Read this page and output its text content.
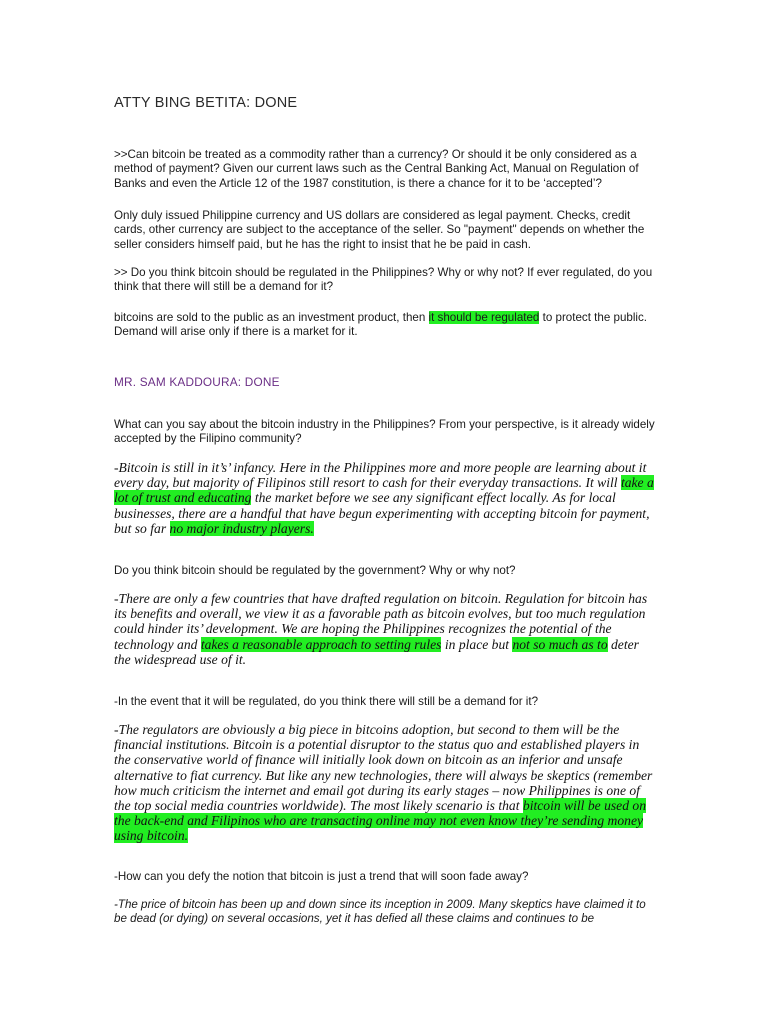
ATTY BING BETITA: DONE
>>Can bitcoin be treated as a commodity rather than a currency? Or should it be only considered as a method of payment? Given our current laws such as the Central Banking Act, Manual on Regulation of Banks and even the Article 12 of the 1987 constitution, is there a chance for it to be ‘accepted’?
Only duly issued Philippine currency and US dollars are considered as legal payment. Checks, credit cards, other currency are subject to the acceptance of the seller. So "payment" depends on whether the seller considers himself paid, but he has the right to insist that he be paid in cash.
>> Do you think bitcoin should be regulated in the Philippines? Why or why not? If ever regulated, do you think that there will still be a demand for it?
bitcoins are sold to the public as an investment product, then it should be regulated to protect the public. Demand will arise only if there is a market for it.
MR. SAM KADDOURA: DONE
What can you say about the bitcoin industry in the Philippines? From your perspective, is it already widely accepted by the Filipino community?
-Bitcoin is still in it’s’ infancy. Here in the Philippines more and more people are learning about it every day, but majority of Filipinos still resort to cash for their everyday transactions. It will take a lot of trust and educating the market before we see any significant effect locally. As for local businesses, there are a handful that have begun experimenting with accepting bitcoin for payment, but so far no major industry players.
Do you think bitcoin should be regulated by the government? Why or why not?
-There are only a few countries that have drafted regulation on bitcoin. Regulation for bitcoin has its benefits and overall, we view it as a favorable path as bitcoin evolves, but too much regulation could hinder its’ development. We are hoping the Philippines recognizes the potential of the technology and takes a reasonable approach to setting rules in place but not so much as to deter the widespread use of it.
-In the event that it will be regulated, do you think there will still be a demand for it?
-The regulators are obviously a big piece in bitcoins adoption, but second to them will be the financial institutions. Bitcoin is a potential disruptor to the status quo and established players in the conservative world of finance will initially look down on bitcoin as an inferior and unsafe alternative to fiat currency. But like any new technologies, there will always be skeptics (remember how much criticism the internet and email got during its early stages – now Philippines is one of the top social media countries worldwide). The most likely scenario is that bitcoin will be used on the back-end and Filipinos who are transacting online may not even know they’re sending money using bitcoin.
-How can you defy the notion that bitcoin is just a trend that will soon fade away?
-The price of bitcoin has been up and down since its inception in 2009. Many skeptics have claimed it to be dead (or dying) on several occasions, yet it has defied all these claims and continues to be
